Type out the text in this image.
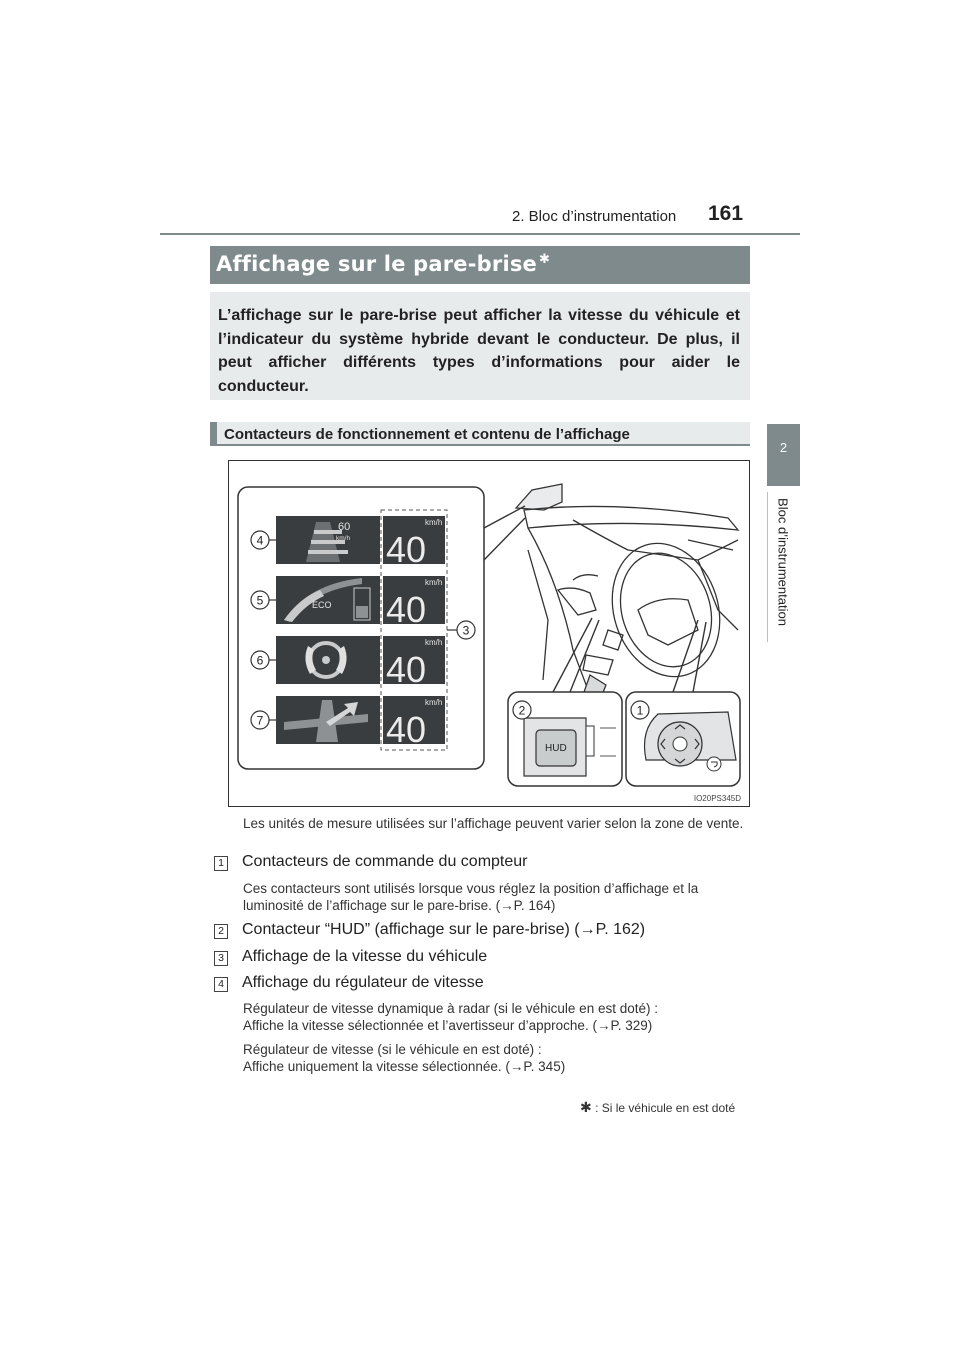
2. Bloc d’instrumentation 161
2
Bloc d’instrumentation
Affichage sur le pare-brise ✱
L’affichage sur le pare-brise peut afficher la vitesse du véhicule et l’indicateur du système hybride devant le conducteur. De plus, il peut afficher différents types d’informations pour aider le conducteur.
Contacteurs de fonctionnement et contenu de l’affichage
60
km/h
km/h
40
ECO
km/h
40
km/h
40
km/h
40	HUD
4
5
6
7
3
2	1
IO20PS345D
Les unités de mesure utilisées sur l’affichage peuvent varier selon la zone de vente.
1 Contacteurs de commande du compteur
Ces contacteurs sont utilisés lorsque vous réglez la position d’affichage et la luminosité de l’affichage sur le pare-brise. (→P. 164)
2 Contacteur “HUD” (affichage sur le pare-brise) (→P. 162)
3 Affichage de la vitesse du véhicule
4 Affichage du régulateur de vitesse
Régulateur de vitesse dynamique à radar (si le véhicule en est doté) :
Affiche la vitesse sélectionnée et l’avertisseur d’approche. (→P. 329)
Régulateur de vitesse (si le véhicule en est doté) :
Affiche uniquement la vitesse sélectionnée. (→P. 345)
✱ : Si le véhicule en est doté
